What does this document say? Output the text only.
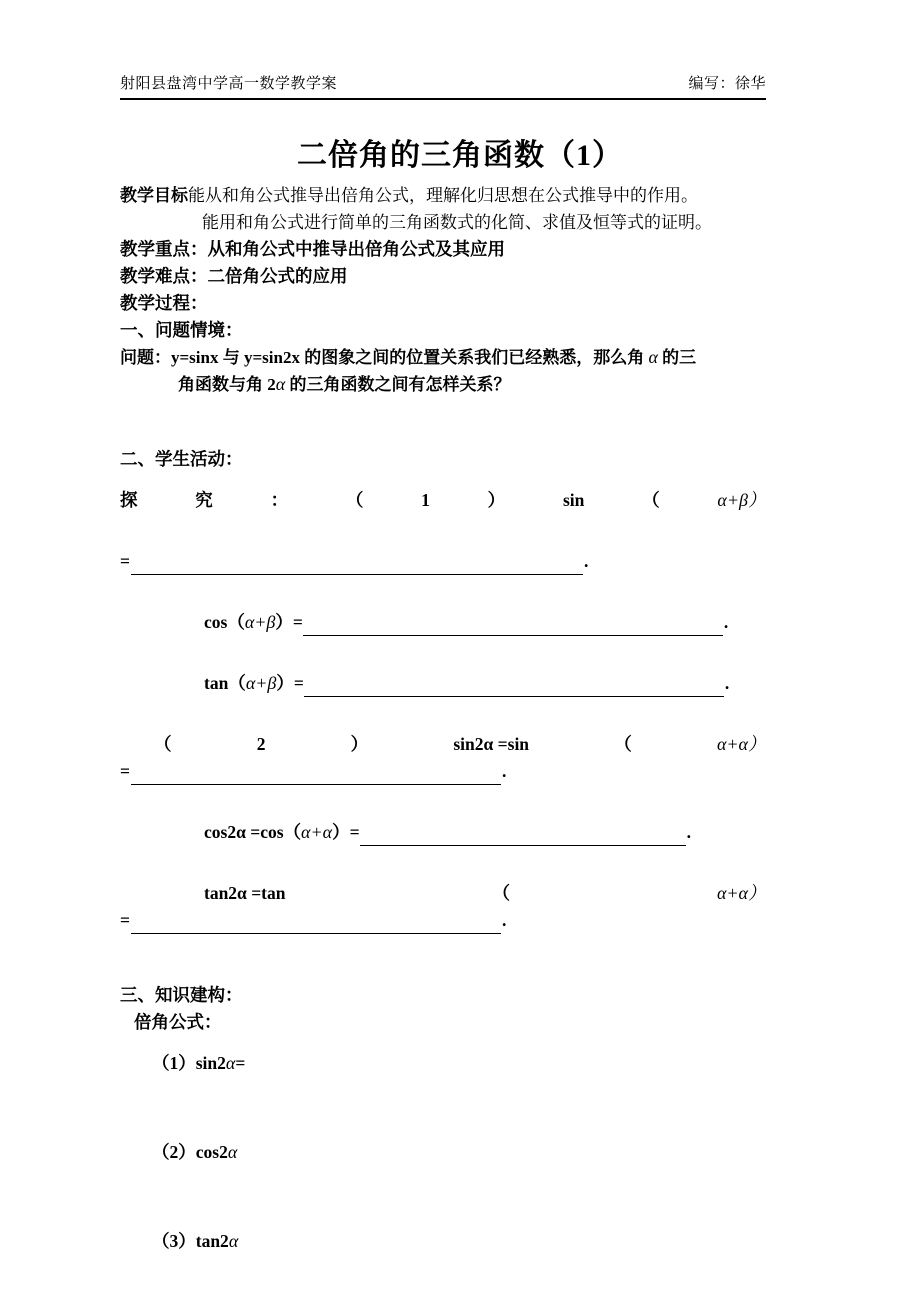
射阳县盘湾中学高一数学教学案	编写：徐华
二倍角的三角函数（1）
教学目标能从和角公式推导出倍角公式，理解化归思想在公式推导中的作用。
能用和角公式进行简单的三角函数式的化简、求值及恒等式的证明。
教学重点：从和角公式中推导出倍角公式及其应用
教学难点：二倍角公式的应用
教学过程：
一、问题情境：
问题：y=sinx 与 y=sin2x 的图象之间的位置关系我们已经熟悉，那么角 α 的三
角函数与角 2α 的三角函数之间有怎样关系？
二、学生活动：
探	究	：	（	1	）	sin	（	α+β）
=	.
cos（ α+β ）=	.
tan（ α+β ）=	.
（	2	）	sin2α =sin	（	α+α）
=	.
cos2α =cos（ α+α ）=	.
tan2α =tan	（	α+α）
=	.
三、知识建构：
倍角公式：
（1） sin2 α =
（2） cos2 α
（3） tan2 α
